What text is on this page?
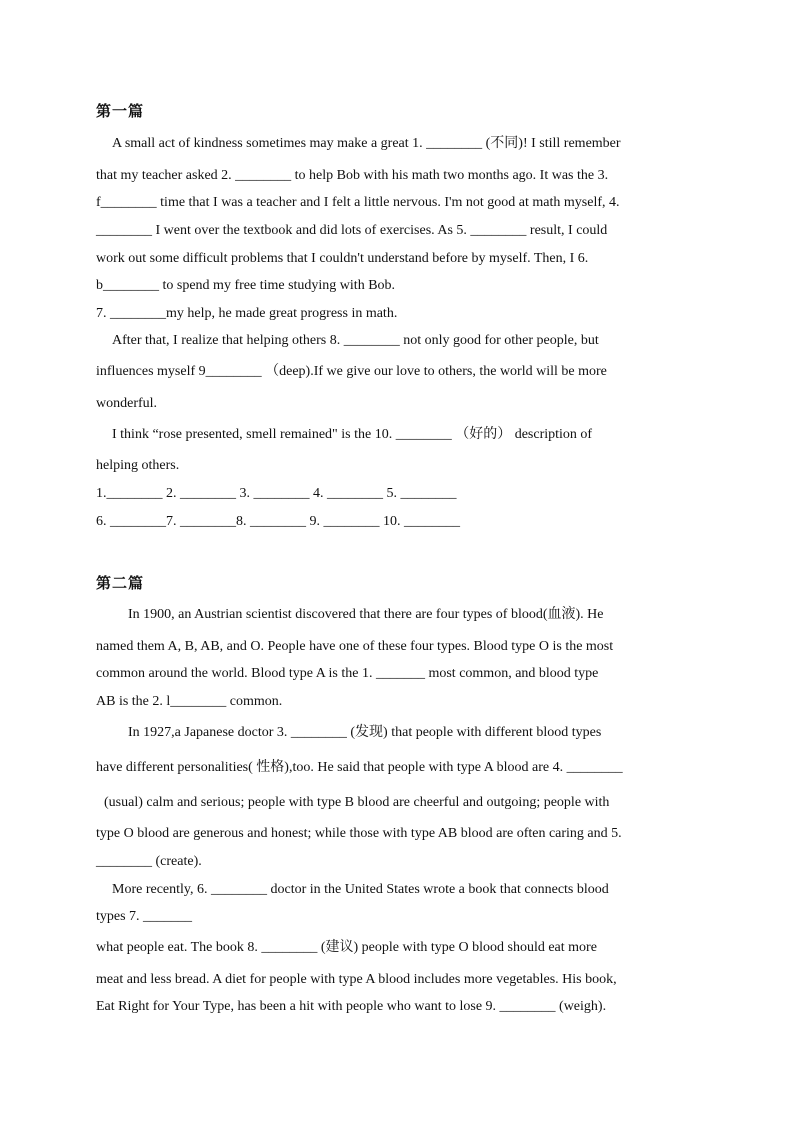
第一篇
A small act of kindness sometimes may make a great 1. ________ (不同)! I still remember
that my teacher asked 2. ________ to help Bob with his math two months ago. It was the 3.
f________ time that I was a teacher and I felt a little nervous. I'm not good at math myself, 4.
________ I went over the textbook and did lots of exercises. As 5. ________ result, I could
work out some difficult problems that I couldn't understand before by myself. Then, I 6.
b________ to spend my free time studying with Bob.
7. ________my help, he made great progress in math.
After that, I realize that helping others 8. ________ not only good for other people, but
influences myself 9________ （deep).If we give our love to others, the world will be more
wonderful.
I think “rose presented, smell remained" is the 10. ________ （好的） description of
helping others.
1.________ 2. ________ 3. ________ 4. ________ 5. ________
6. ________7. ________8. ________ 9. ________ 10. ________
第二篇
In 1900, an Austrian scientist discovered that there are four types of blood(血液). He
named them A, B, AB, and O. People have one of these four types. Blood type O is the most
common around the world. Blood type A is the 1. _______ most common, and blood type
AB is the 2. l________ common.
In 1927,a Japanese doctor 3. ________ (发现) that people with different blood types
have different personalities( 性格),too. He said that people with type A blood are 4. ________
(usual) calm and serious; people with type B blood are cheerful and outgoing; people with
type O blood are generous and honest; while those with type AB blood are often caring and 5.
________ (create).
More recently, 6. ________ doctor in the United States wrote a book that connects blood
types 7. _______
what people eat. The book 8. ________ (建议) people with type O blood should eat more
meat and less bread. A diet for people with type A blood includes more vegetables. His book,
Eat Right for Your Type, has been a hit with people who want to lose 9. ________ (weigh).
